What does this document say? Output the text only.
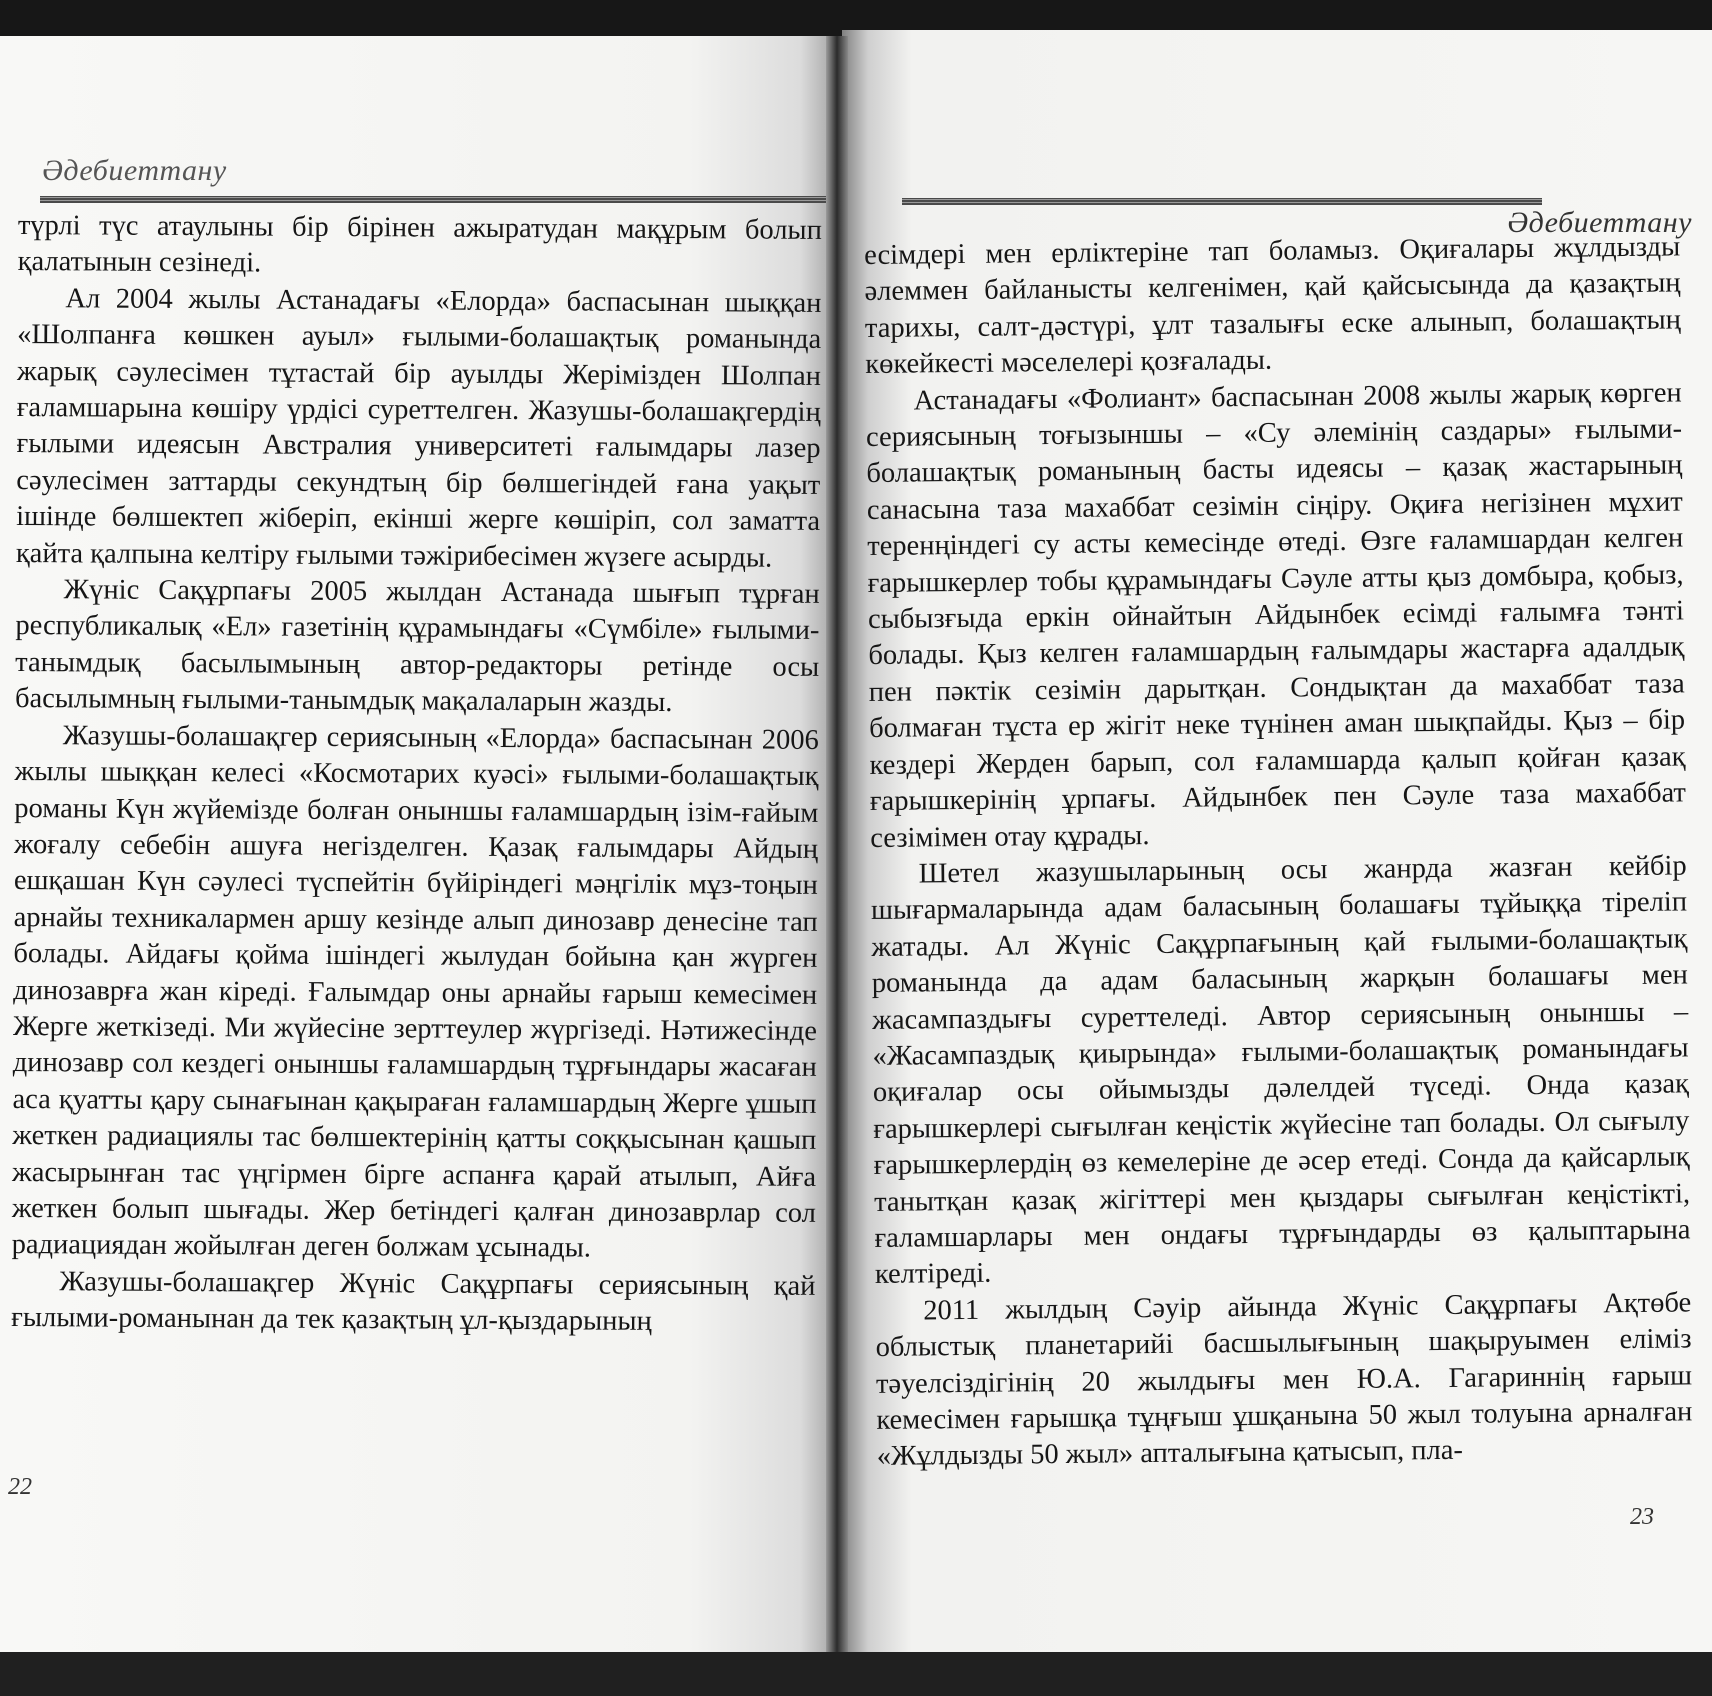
Әдебиеттану

түрлі түс атаулыны бір бірінен ажыратудан мақұрым болып қалатынын сезінеді.

Ал 2004 жылы Астанадағы «Елорда» баспасынан шыққан «Шолпанға көшкен ауыл» ғылыми-болашақтық романында жарық сәулесімен тұтастай бір ауылды Жерімізден Шолпан ғаламшарына көшіру үрдісі суреттелген. Жазушы-болашақгердің ғылыми идеясын Австралия университеті ғалымдары лазер сәулесімен заттарды секундтың бір бөлшегіндей ғана уақыт ішінде бөлшектеп жіберіп, екінші жерге көшіріп, сол заматта қайта қалпына келтіру ғылыми тәжірибесімен жүзеге асырды.

Жүніс Сақұрпағы 2005 жылдан Астанада шығып тұрған республикалық «Ел» газетінің құрамындағы «Сүмбіле» ғылыми-танымдық басылымының автор-редакторы ретінде осы басылымның ғылыми-танымдық мақалаларын жазды.

Жазушы-болашақгер сериясының «Елорда» баспасынан 2006 жылы шыққан келесі «Космотарих куәсі» ғылыми-болашақтық романы Күн жүйемізде болған оныншы ғаламшардың ізім-ғайым жоғалу себебін ашуға негізделген. Қазақ ғалымдары Айдың ешқашан Күн сәулесі түспейтін бүйіріндегі мәңгілік мұз-тоңын арнайы техникалармен аршу кезінде алып динозавр денесіне тап болады. Айдағы қойма ішіндегі жылудан бойына қан жүрген динозаврға жан кіреді. Ғалымдар оны арнайы ғарыш кемесімен Жерге жеткізеді. Ми жүйесіне зерттеулер жүргізеді. Нәтижесінде динозавр сол кездегі оныншы ғаламшардың тұрғындары жасаған аса қуатты қару сынағынан қақыраған ғаламшардың Жерге ұшып жеткен радиациялы тас бөлшектерінің қатты соққысынан қашып жасырынған тас үңгірмен бірге аспанға қарай атылып, Айға жеткен болып шығады. Жер бетіндегі қалған динозаврлар сол радиациядан жойылған деген болжам ұсынады.

Жазушы-болашақгер Жүніс Сақұрпағы сериясының қай ғылыми-романынан да тек қазақтың ұл-қыздарының

22
Әдебиеттану

есімдері мен ерліктеріне тап боламыз. Оқиғалары жұлдызды әлеммен байланысты келгенімен, қай қайсысында да қазақтың тарихы, салт-дәстүрі, ұлт тазалығы еске алынып, болашақтың көкейкесті мәселелері қозғалады.

Астанадағы «Фолиант» баспасынан 2008 жылы жарық көрген сериясының тоғызыншы – «Су әлемінің саздары» ғылыми-болашақтық романының басты идеясы – қазақ жастарының санасына таза махаббат сезімін сіңіру. Оқиға негізінен мұхит теренңіндегі су асты кемесінде өтеді. Өзге ғаламшардан келген ғарышкерлер тобы құрамындағы Сәуле атты қыз домбыра, қобыз, сыбызғыда еркін ойнайтын Айдынбек есімді ғалымға тәнті болады. Қыз келген ғаламшардың ғалымдары жастарға адалдық пен пәктік сезімін дарытқан. Сондықтан да махаббат таза болмаған тұста ер жігіт неке түнінен аман шықпайды. Қыз – бір кездері Жерден барып, сол ғаламшарда қалып қойған қазақ ғарышкерінің ұрпағы. Айдынбек пен Сәуле таза махаббат сезімімен отау құрады.

Шетел жазушыларының осы жанрда жазған кейбір шығармаларында адам баласының болашағы тұйыққа тіреліп жатады. Ал Жүніс Сақұрпағының қай ғылыми-болашақтық романында да адам баласының жарқын болашағы мен жасампаздығы суреттеледі. Автор сериясының оныншы – «Жасампаздық қиырында» ғылыми-болашақтық романындағы оқиғалар осы ойымызды дәлелдей түседі. Онда қазақ ғарышкерлері сығылған кеңістік жүйесіне тап болады. Ол сығылу ғарышкерлердің өз кемелеріне де әсер етеді. Сонда да қайсарлық танытқан қазақ жігіттері мен қыздары сығылған кеңістікті, ғаламшарлары мен ондағы тұрғындарды өз қалыптарына келтіреді.

2011 жылдың Сәуір айында Жүніс Сақұрпағы Ақтөбе облыстық планетарийі басшылығының шақыруымен еліміз тәуелсіздігінің 20 жылдығы мен Ю.А. Гагариннің ғарыш кемесімен ғарышқа тұңғыш ұшқанына 50 жыл толуына арналған «Жұлдызды 50 жыл» апталығына қатысып, пла-

23
